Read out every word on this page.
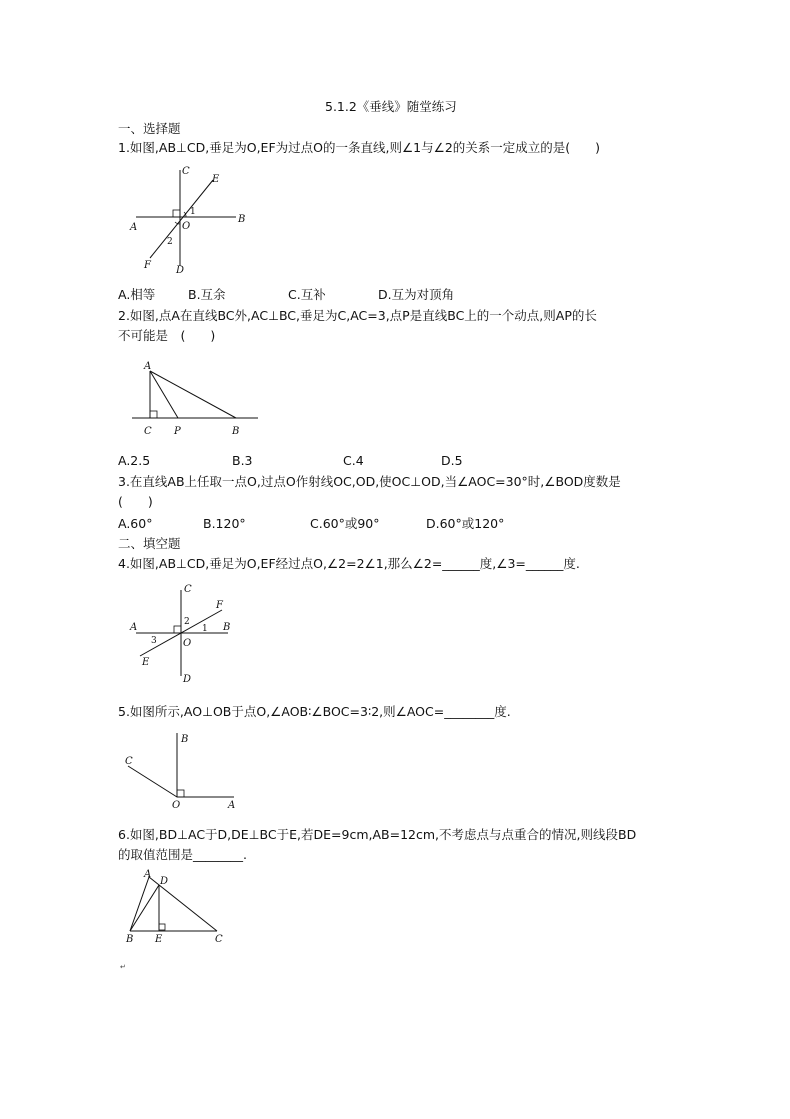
5.1.2《垂线》随堂练习
一、选择题
1.如图,AB⊥CD,垂足为O,EF为过点O的一条直线,则∠1与∠2的关系一定成立的是(　　)
C
E
B
A	O
D
F
1
2
A.相等	B.互余	C.互补	D.互为对顶角
2.如图,点A在直线BC外,AC⊥BC,垂足为C,AC=3,点P是直线BC上的一个动点,则AP的长
不可能是　(　　)
A
C P	B
A.2.5	B.3	C.4	D.5
3.在直线AB上任取一点O,过点O作射线OC,OD,使OC⊥OD,当∠AOC=30°时,∠BOD度数是
(　　)
A.60°	B.120°	C.60°或90°	D.60°或120°
二、填空题
4.如图,AB⊥CD,垂足为O,EF经过点O,∠2=2∠1,那么∠2=______度,∠3=______度.
C
F
A	B
O
E
D
2
1
3
5.如图所示,AO⊥OB于点O,∠AOB∶∠BOC=3∶2,则∠AOC=________度.
B
C
O	A
6.如图,BD⊥AC于D,DE⊥BC于E,若DE=9cm,AB=12cm,不考虑点与点重合的情况,则线段BD
的取值范围是________.
A
D
B E	C
↵
